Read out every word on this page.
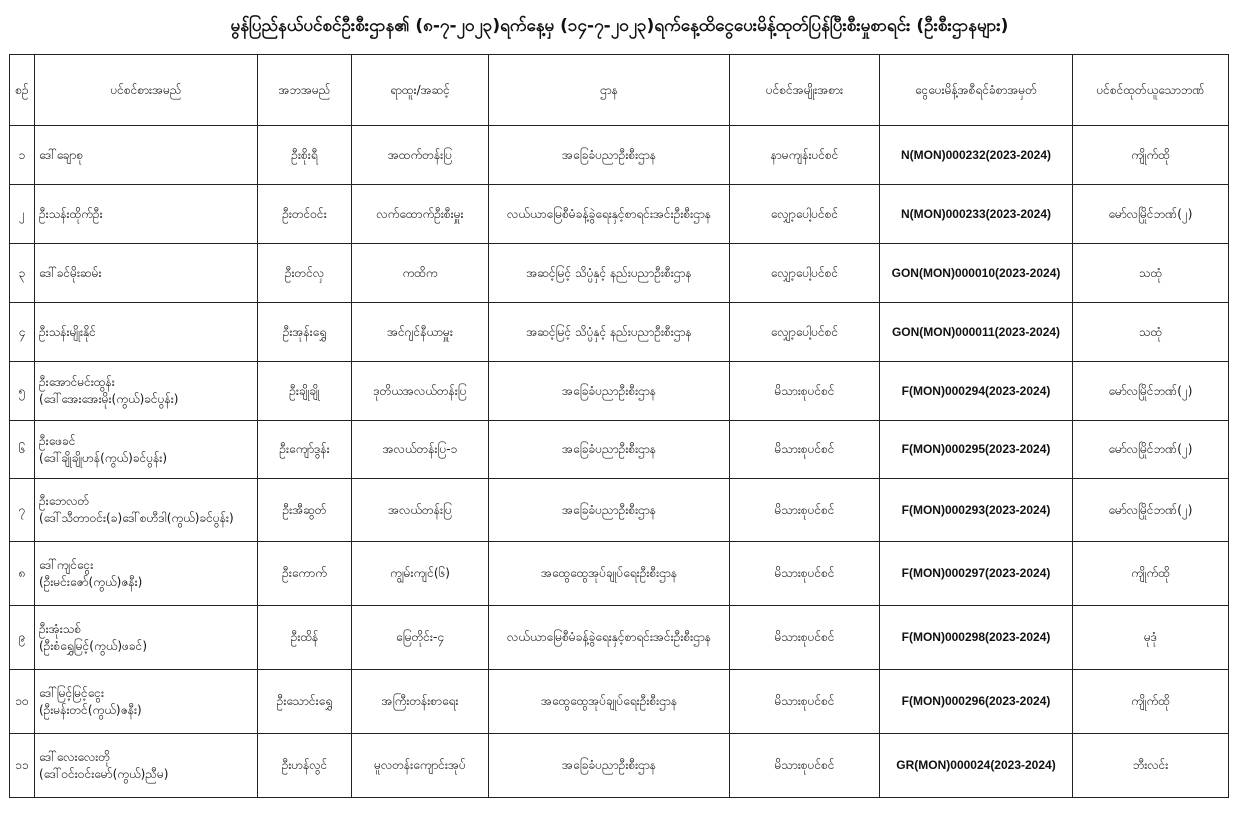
မွန်ပြည်နယ်ပင်စင်ဦးစီးဌာန၏ (၈-၇-၂၀၂၃)ရက်နေ့မှ (၁၄-၇-၂၀၂၃)ရက်နေ့ထိငွေပေးမိန့်ထုတ်ပြန်ပြီးစီးမှုစာရင်း (ဦးစီးဌာနများ)
စဉ်	ပင်စင်စားအမည်	အဘအမည်	ရာထူး/အဆင့်	ဌာန	ပင်စင်အမျိုးအစား	ငွေပေးမိန့်အစီရင်ခံစာအမှတ်	ပင်စင်ထုတ်ယူသောဘဏ်
၁	ဒေါ်ချော‌စု	ဦးစိုးရီ	အထက်တန်းပြ	အခြေခံပညာဦးစီးဌာန	နာမကျန်းပင်စင်	N(MON)000232(2023-2024)	ကျိုက်ထို
၂	ဦးသန်းထိုက်ဦး	ဦးတင်ဝင်း	လက်ထောက်ဦးစီးမှူး	လယ်ယာမြေစီမံခန့်ခွဲရေးနှင့်စာရင်းအင်းဦးစီးဌာန	လျှော့ပေါ့ပင်စင်	N(MON)000233(2023-2024)	မော်လမြိုင်ဘဏ်(၂)
၃	ဒေါ်ခင်မိုးဆမ်း	ဦးတင်လှ	ကထိက	အဆင့်မြင့် သိပ္ပံနှင့် နည်းပညာဦးစီးဌာန	လျှော့ပေါ့ပင်စင်	GON(MON)000010(2023-2024)	သထုံ
၄	ဦးသန်းမျိုးနိုင်	ဦးအုန်းရွှေ	အင်ဂျင်နီယာမှူး	အဆင့်မြင့် သိပ္ပံနှင့် နည်းပညာဦးစီးဌာန	လျှော့ပေါ့ပင်စင်	GON(MON)000011(2023-2024)	သထုံ
၅	ဦးအောင်မင်းထွန်း
(ဒေါ်အေးအေးမိုး(ကွယ်)ခင်ပွန်း)	ဦးချိုချို	ဒုတိယအလယ်တန်းပြ	အခြေခံပညာဦးစီးဌာန	မိသားစုပင်စင်	F(MON)000294(2023-2024)	မော်လမြိုင်ဘဏ်(၂)
၆	ဦးဖေခင်
(ဒေါ်ချိုချိုဟန်(ကွယ်)ခင်ပွန်း)	ဦးကျော်ဒွန်း	အလယ်တန်းပြ-၁	အခြေခံပညာဦးစီးဌာန	မိသားစုပင်စင်	F(MON)000295(2023-2024)	မော်လမြိုင်ဘဏ်(၂)
၇	ဦးဘေလတ်
(ဒေါ်သီတာဝင်း(ခ)ဒေါ်စဟီဒါ(ကွယ်)ခင်ပွန်း)	ဦးအီဆွတ်	အလယ်တန်းပြ	အခြေခံပညာဦးစီးဌာန	မိသားစုပင်စင်	F(MON)000293(2023-2024)	မော်လမြိုင်ဘဏ်(၂)
၈	ဒေါ်ကျင်ငွေး
(ဦးမင်းဇော်(ကွယ်)ဇနီး)	ဦးကောက်	ကျွမ်းကျင်(၆)	အထွေထွေအုပ်ချုပ်ရေးဦးစီးဌာန	မိသားစုပင်စင်	F(MON)000297(2023-2024)	ကျိုက်ထို
၉	ဦးအုံးသစ်
(ဦးစံရွှေမြင့်(ကွယ်)ဖခင်)	ဦးထိန်	မြေတိုင်း-၄	လယ်ယာမြေစီမံခန့်ခွဲရေးနှင့်စာရင်းအင်းဦးစီးဌာန	မိသားစုပင်စင်	F(MON)000298(2023-2024)	မုဒုံ
၁၀	ဒေါ်မြင့်မြင့်ငွေး
(ဦးမန်းတင်(ကွယ်)ဇနီး)	ဦးသောင်းရွှေ	အကြီးတန်းစာရေး	အထွေထွေအုပ်ချုပ်ရေးဦးစီးဌာန	မိသားစုပင်စင်	F(MON)000296(2023-2024)	ကျိုက်ထို
၁၁	ဒေါ်လေးလေးတို
(ဒေါ်ဝင်းဝင်းမော်(ကွယ်)ညီမ)	ဦးဟန်လွင်	မူလတန်းကျောင်းအုပ်	အခြေခံပညာဦးစီးဌာန	မိသားစုပင်စင်	GR(MON)000024(2023-2024)	ဘီးလင်း
